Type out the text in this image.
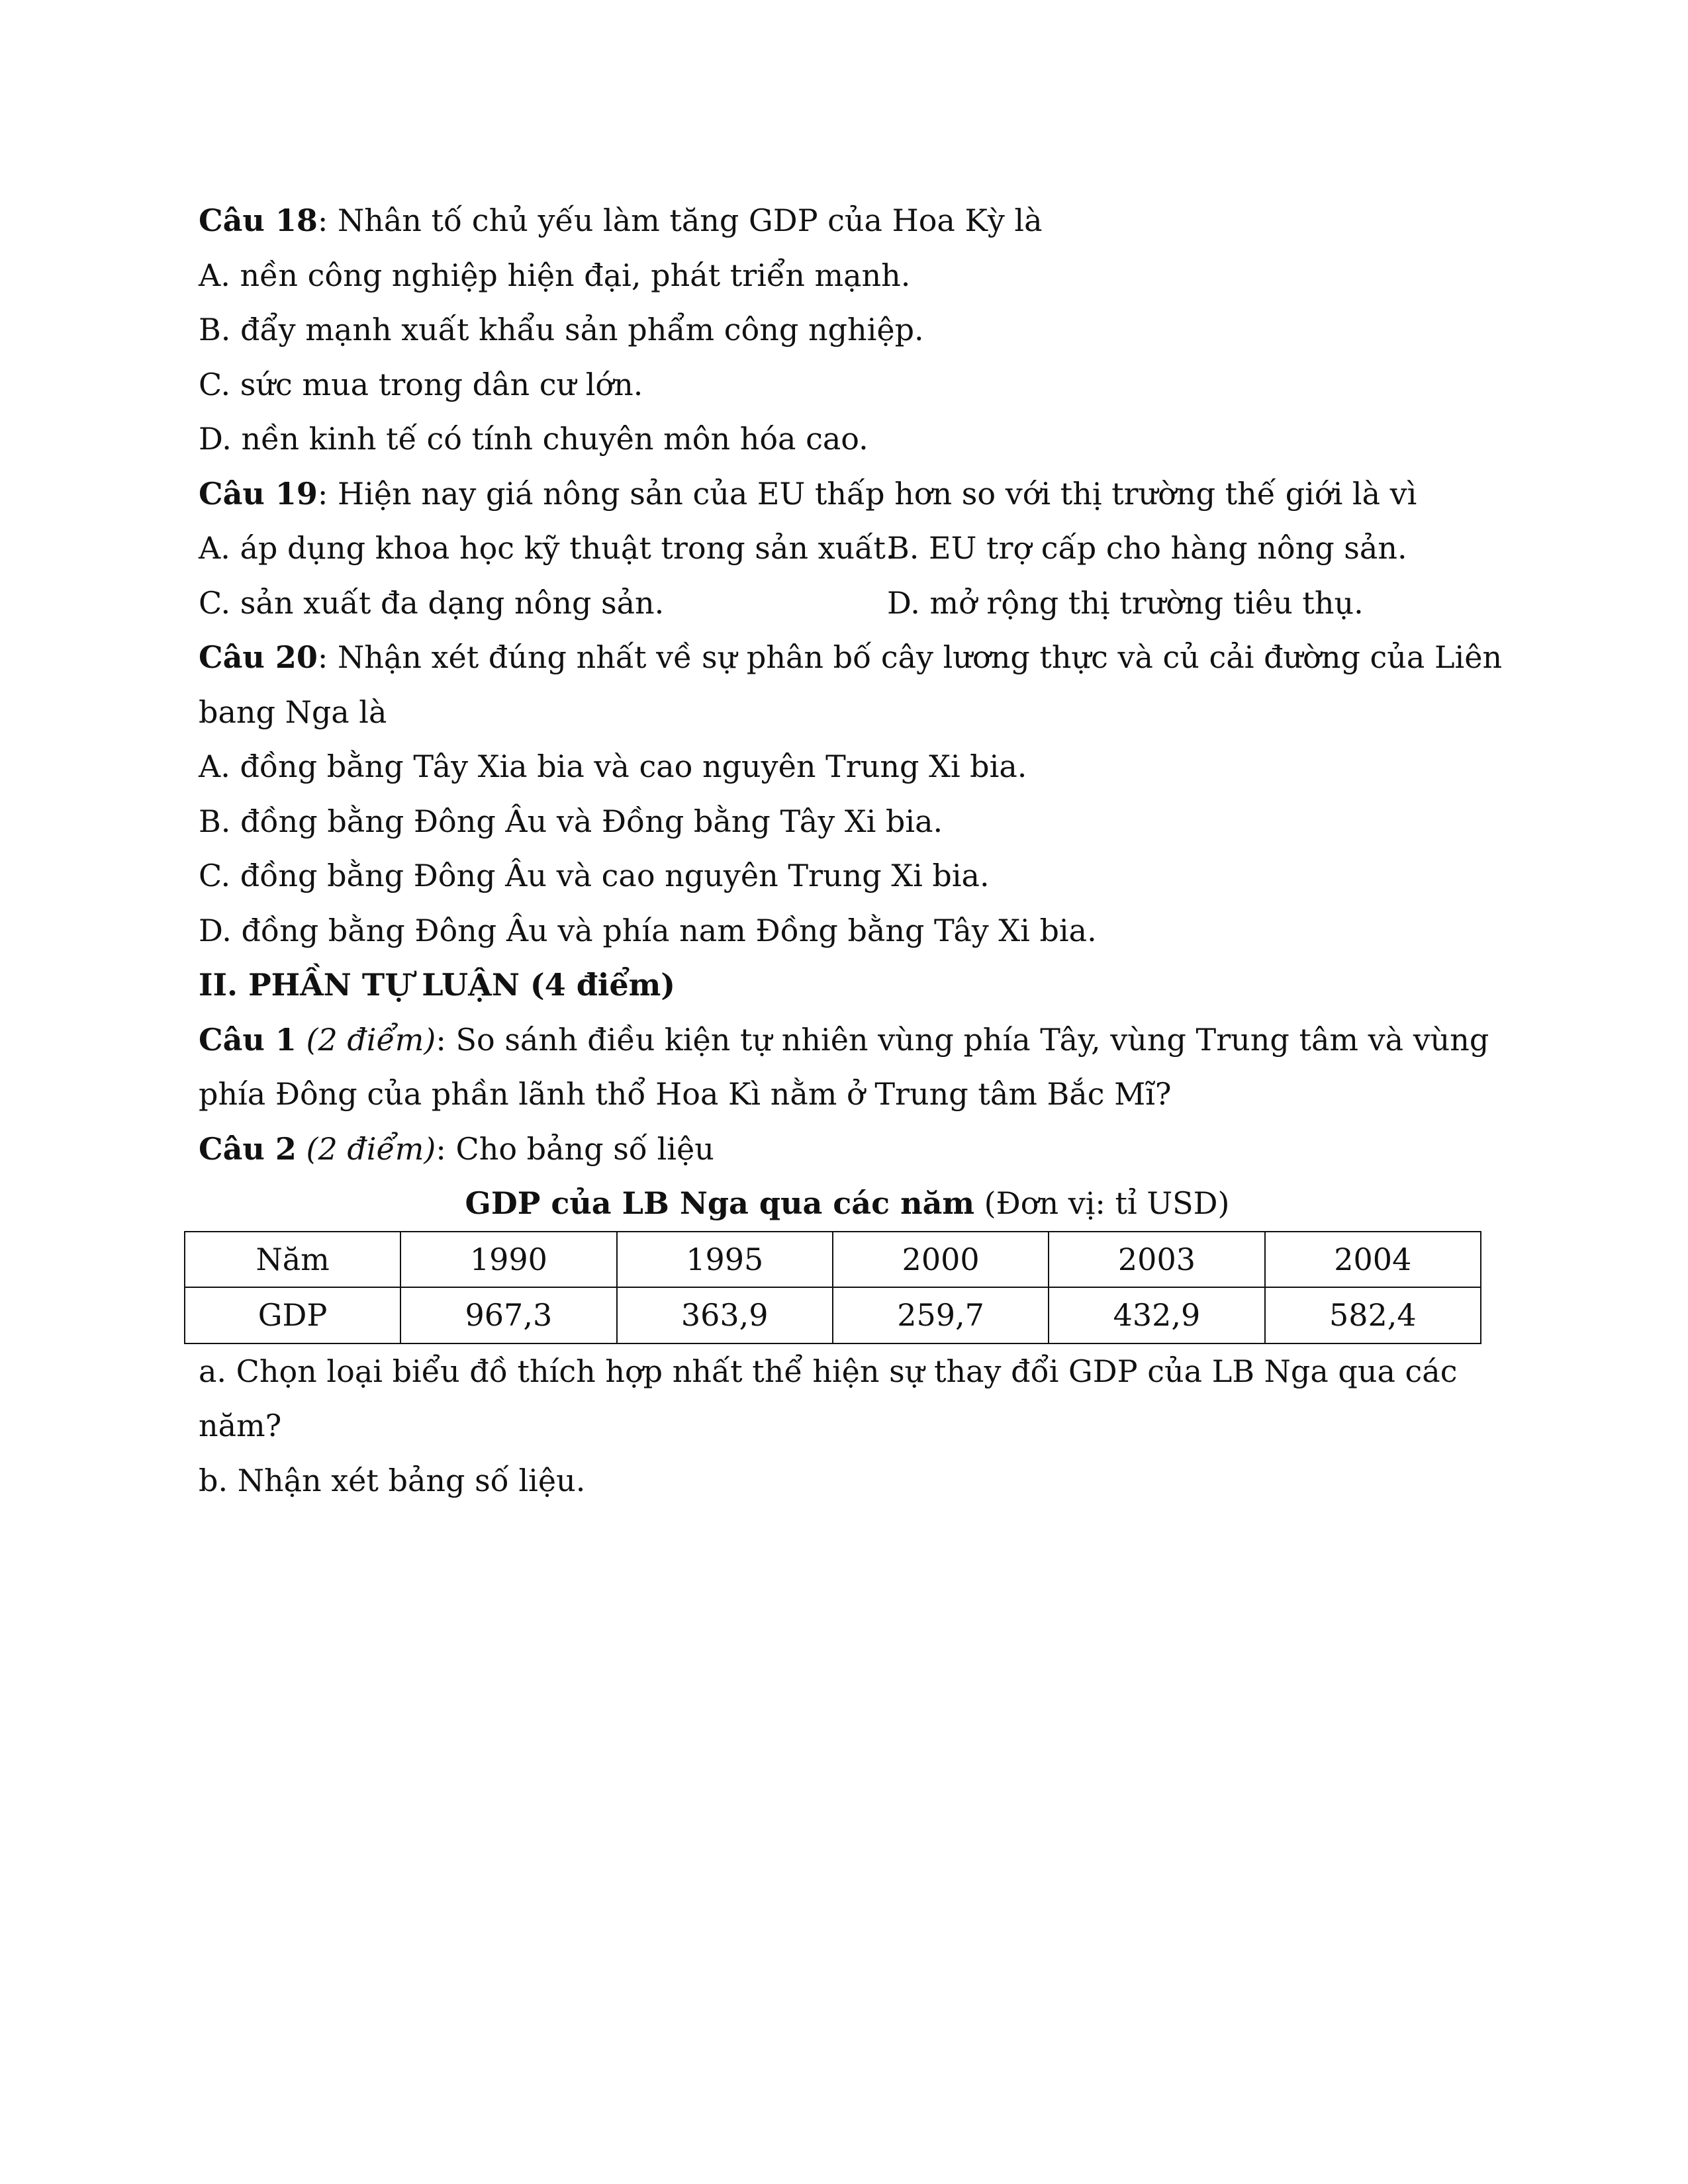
Câu 18: Nhân tố chủ yếu làm tăng GDP của Hoa Kỳ là
A. nền công nghiệp hiện đại, phát triển mạnh.
B. đẩy mạnh xuất khẩu sản phẩm công nghiệp.
C. sức mua trong dân cư lớn.
D. nền kinh tế có tính chuyên môn hóa cao.
Câu 19: Hiện nay giá nông sản của EU thấp hơn so với thị trường thế giới là vì
A. áp dụng khoa học kỹ thuật trong sản xuất.
B. EU trợ cấp cho hàng nông sản.
C. sản xuất đa dạng nông sản.	D. mở rộng thị trường tiêu thụ.
Câu 20: Nhận xét đúng nhất về sự phân bố cây lương thực và củ cải đường của Liên
bang Nga là
A. đồng bằng Tây Xia bia và cao nguyên Trung Xi bia.
B. đồng bằng Đông Âu và Đồng bằng Tây Xi bia.
C. đồng bằng Đông Âu và cao nguyên Trung Xi bia.
D. đồng bằng Đông Âu và phía nam Đồng bằng Tây Xi bia.
II. PHẦN TỰ LUẬN (4 điểm)
Câu 1 (2 điểm): So sánh điều kiện tự nhiên vùng phía Tây, vùng Trung tâm và vùng
phía Đông của phần lãnh thổ Hoa Kì nằm ở Trung tâm Bắc Mĩ?
Câu 2 (2 điểm): Cho bảng số liệu
GDP của LB Nga qua các năm (Đơn vị: tỉ USD)
Năm	1990	1995	2000	2003	2004
GDP	967,3	363,9	259,7	432,9	582,4
a. Chọn loại biểu đồ thích hợp nhất thể hiện sự thay đổi GDP của LB Nga qua các
năm?
b. Nhận xét bảng số liệu.
